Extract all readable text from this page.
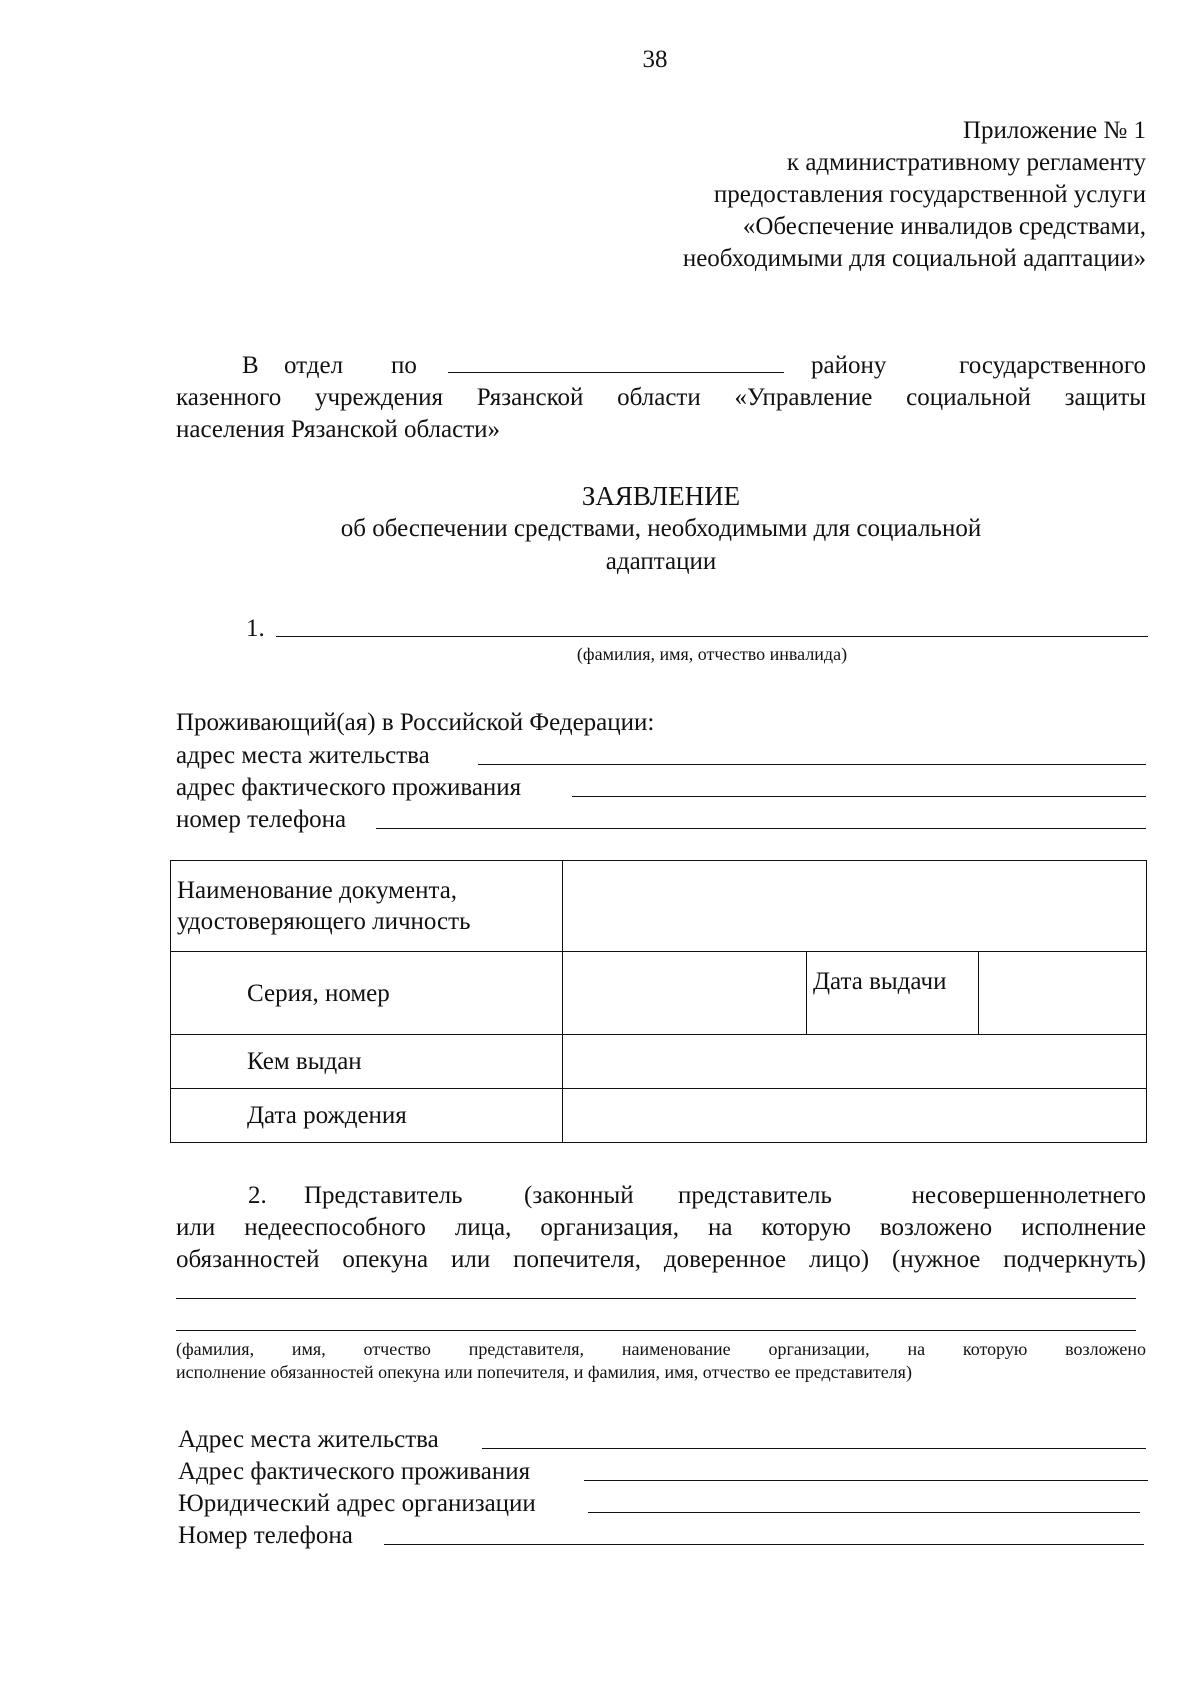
38
Приложение № 1
к административному регламенту
предоставления государственной услуги
«Обеспечение инвалидов средствами,
необходимыми для социальной адаптации»
В отдел по	району	государственного
казенного учреждения Рязанской области «Управление социальной защиты
населения Рязанской области»
ЗАЯВЛЕНИЕ
об обеспечении средствами, необходимыми для социальной
адаптации
1.
(фамилия, имя, отчество инвалида)
Проживающий(ая) в Российской Федерации:
адрес места жительства
адрес фактического проживания
номер телефона
Наименование документа,
удостоверяющего личность			

Серия, номер		Дата выдачи	
Кем выдан			
Дата рождения			
2. Представитель (законный представитель	несовершеннолетнего
или недееспособного лица, организация, на которую возложено исполнение
обязанностей опекуна или попечителя, доверенное лицо) (нужное подчеркнуть)
(фамилия, имя, отчество представителя, наименование организации, на которую возложено
исполнение обязанностей опекуна или попечителя, и фамилия, имя, отчество ее представителя)
Адрес места жительства
Адрес фактического проживания
Юридический адрес организации
Номер телефона
